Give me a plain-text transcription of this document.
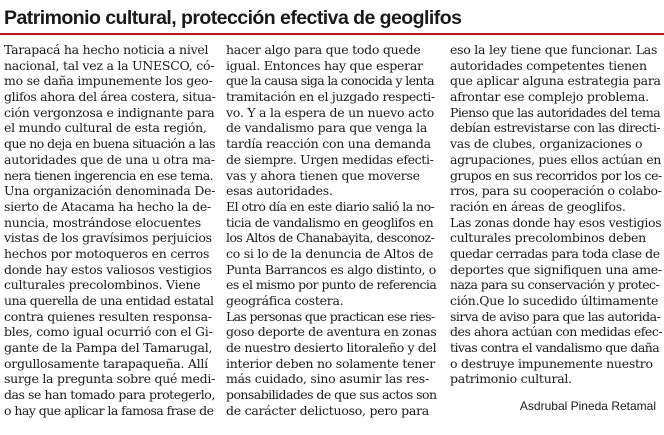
Patrimonio cultural, protección efectiva de geoglifos
Tarapacá ha hecho noticia a nivel
nacional, tal vez a la UNESCO, có-
mo se daña impunemente los geo-
glifos ahora del área costera, situa-
ción vergonzosa e indignante para
el mundo cultural de esta región,
que no deja en buena situación a las
autoridades que de una u otra ma-
nera tienen ingerencia en ese tema.
Una organización denominada De-
sierto de Atacama ha hecho la de-
nuncia, mostrándose elocuentes
vistas de los gravísimos perjuicios
hechos por motoqueros en cerros
donde hay estos valiosos vestigios
culturales precolombinos. Viene
una querella de una entidad estatal
contra quienes resulten responsa-
bles, como igual ocurrió con el Gi-
gante de la Pampa del Tamarugal,
orgullosamente tarapaqueña. Allí
surge la pregunta sobre qué medi-
das se han tomado para protegerlo,
o hay que aplicar la famosa frase de
hacer algo para que todo quede
igual. Entonces hay que esperar
que la causa siga la conocida y lenta
tramitación en el juzgado respecti-
vo. Y a la espera de un nuevo acto
de vandalismo para que venga la
tardía reacción con una demanda
de siempre. Urgen medidas efecti-
vas y ahora tienen que moverse
esas autoridades.
El otro día en este diario salió la no-
ticia de vandalismo en geoglifos en
los Altos de Chanabayita, desconoz-
co si lo de la denuncia de Altos de
Punta Barrancos es algo distinto, o
es el mismo por punto de referencia
geográfica costera.
Las personas que practican ese ries-
goso deporte de aventura en zonas
de nuestro desierto litoraleño y del
interior deben no solamente tener
más cuidado, sino asumir las res-
ponsabilidades de que sus actos son
de carácter delictuoso, pero para
eso la ley tiene que funcionar. Las
autoridades competentes tienen
que aplicar alguna estrategia para
afrontar ese complejo problema.
Pienso que las autoridades del tema
debían estrevistarse con las directi-
vas de clubes, organizaciones o
agrupaciones, pues ellos actúan en
grupos en sus recorridos por los ce-
rros, para su cooperación o colabo-
ración en áreas de geoglifos.
Las zonas donde hay esos vestigios
culturales precolombinos deben
quedar cerradas para toda clase de
deportes que signifiquen una ame-
naza para su conservación y protec-
ción.Que lo sucedido últimamente
sirva de aviso para que las autorida-
des ahora actúan con medidas efec-
tivas contra el vandalismo que daña
o destruye impunemente nuestro
patrimonio cultural.
Asdrubal Pineda Retamal
